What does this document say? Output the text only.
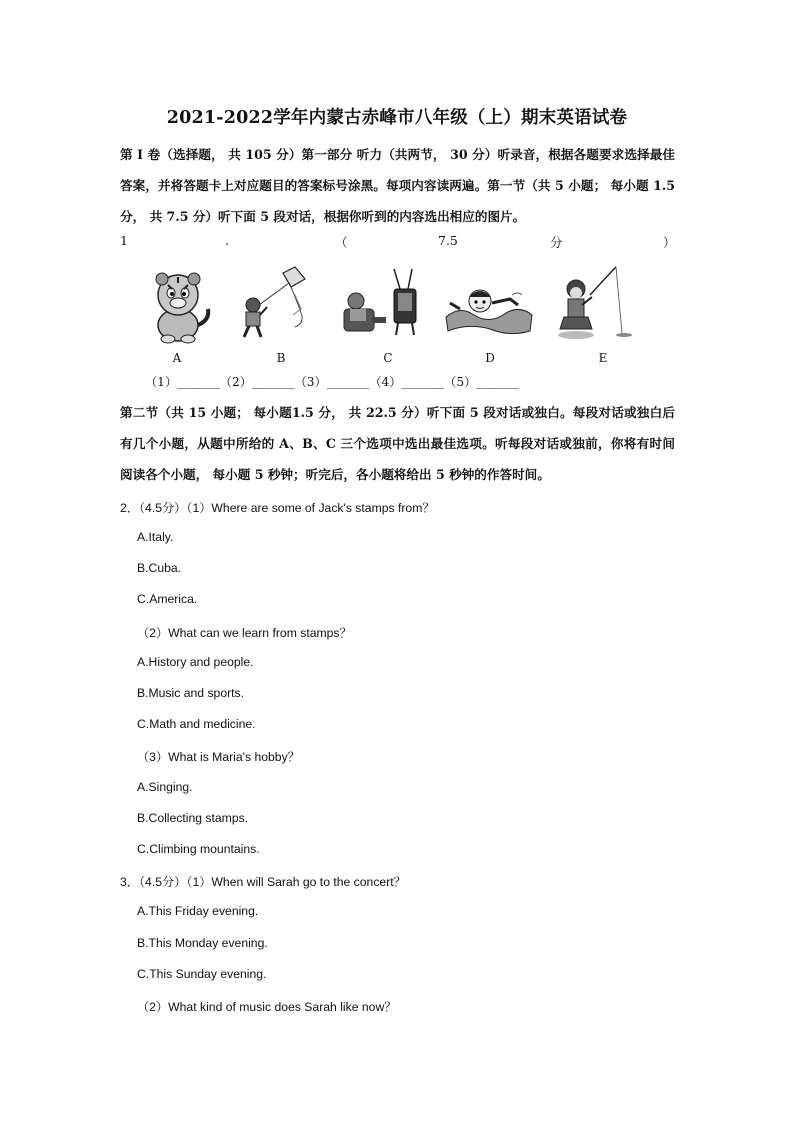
2021-2022学年内蒙古赤峰市八年级（上）期末英语试卷
第 Ⅰ 卷（选择题， 共 105 分）第一部分 听力（共两节， 30 分）听录音，根据各题要求选择最佳答案，并将答题卡上对应题目的答案标号涂黑。每项内容读两遍。第一节（共 5 小题； 每小题 1.5 分， 共 7.5 分）听下面 5 段对话，根据你听到的内容选出相应的图片。
1	.	（	7.5	分	）
A	B	C	D	E
（1）_______（2）_______（3）_______（4）_______（5）_______
第二节（共 15 小题； 每小题1.5 分， 共 22.5 分）听下面 5 段对话或独白。每段对话或独白后有几个小题，从题中所给的 A、B、C 三个选项中选出最佳选项。听每段对话或独前，你将有时间阅读各个小题， 每小题 5 秒钟；听完后，各小题将给出 5 秒钟的作答时间。
2．（4.5分）（1）Where are some of Jack's stamps from？
A.Italy.
B.Cuba.
C.America.
（2）What can we learn from stamps？
A.History and people.
B.Music and sports.
C.Math and medicine.
（3）What is Maria's hobby？
A.Singing.
B.Collecting stamps.
C.Climbing mountains.
3．（4.5分）（1）When will Sarah go to the concert？
A.This Friday evening.
B.This Monday evening.
C.This Sunday evening.
（2）What kind of music does Sarah like now？
